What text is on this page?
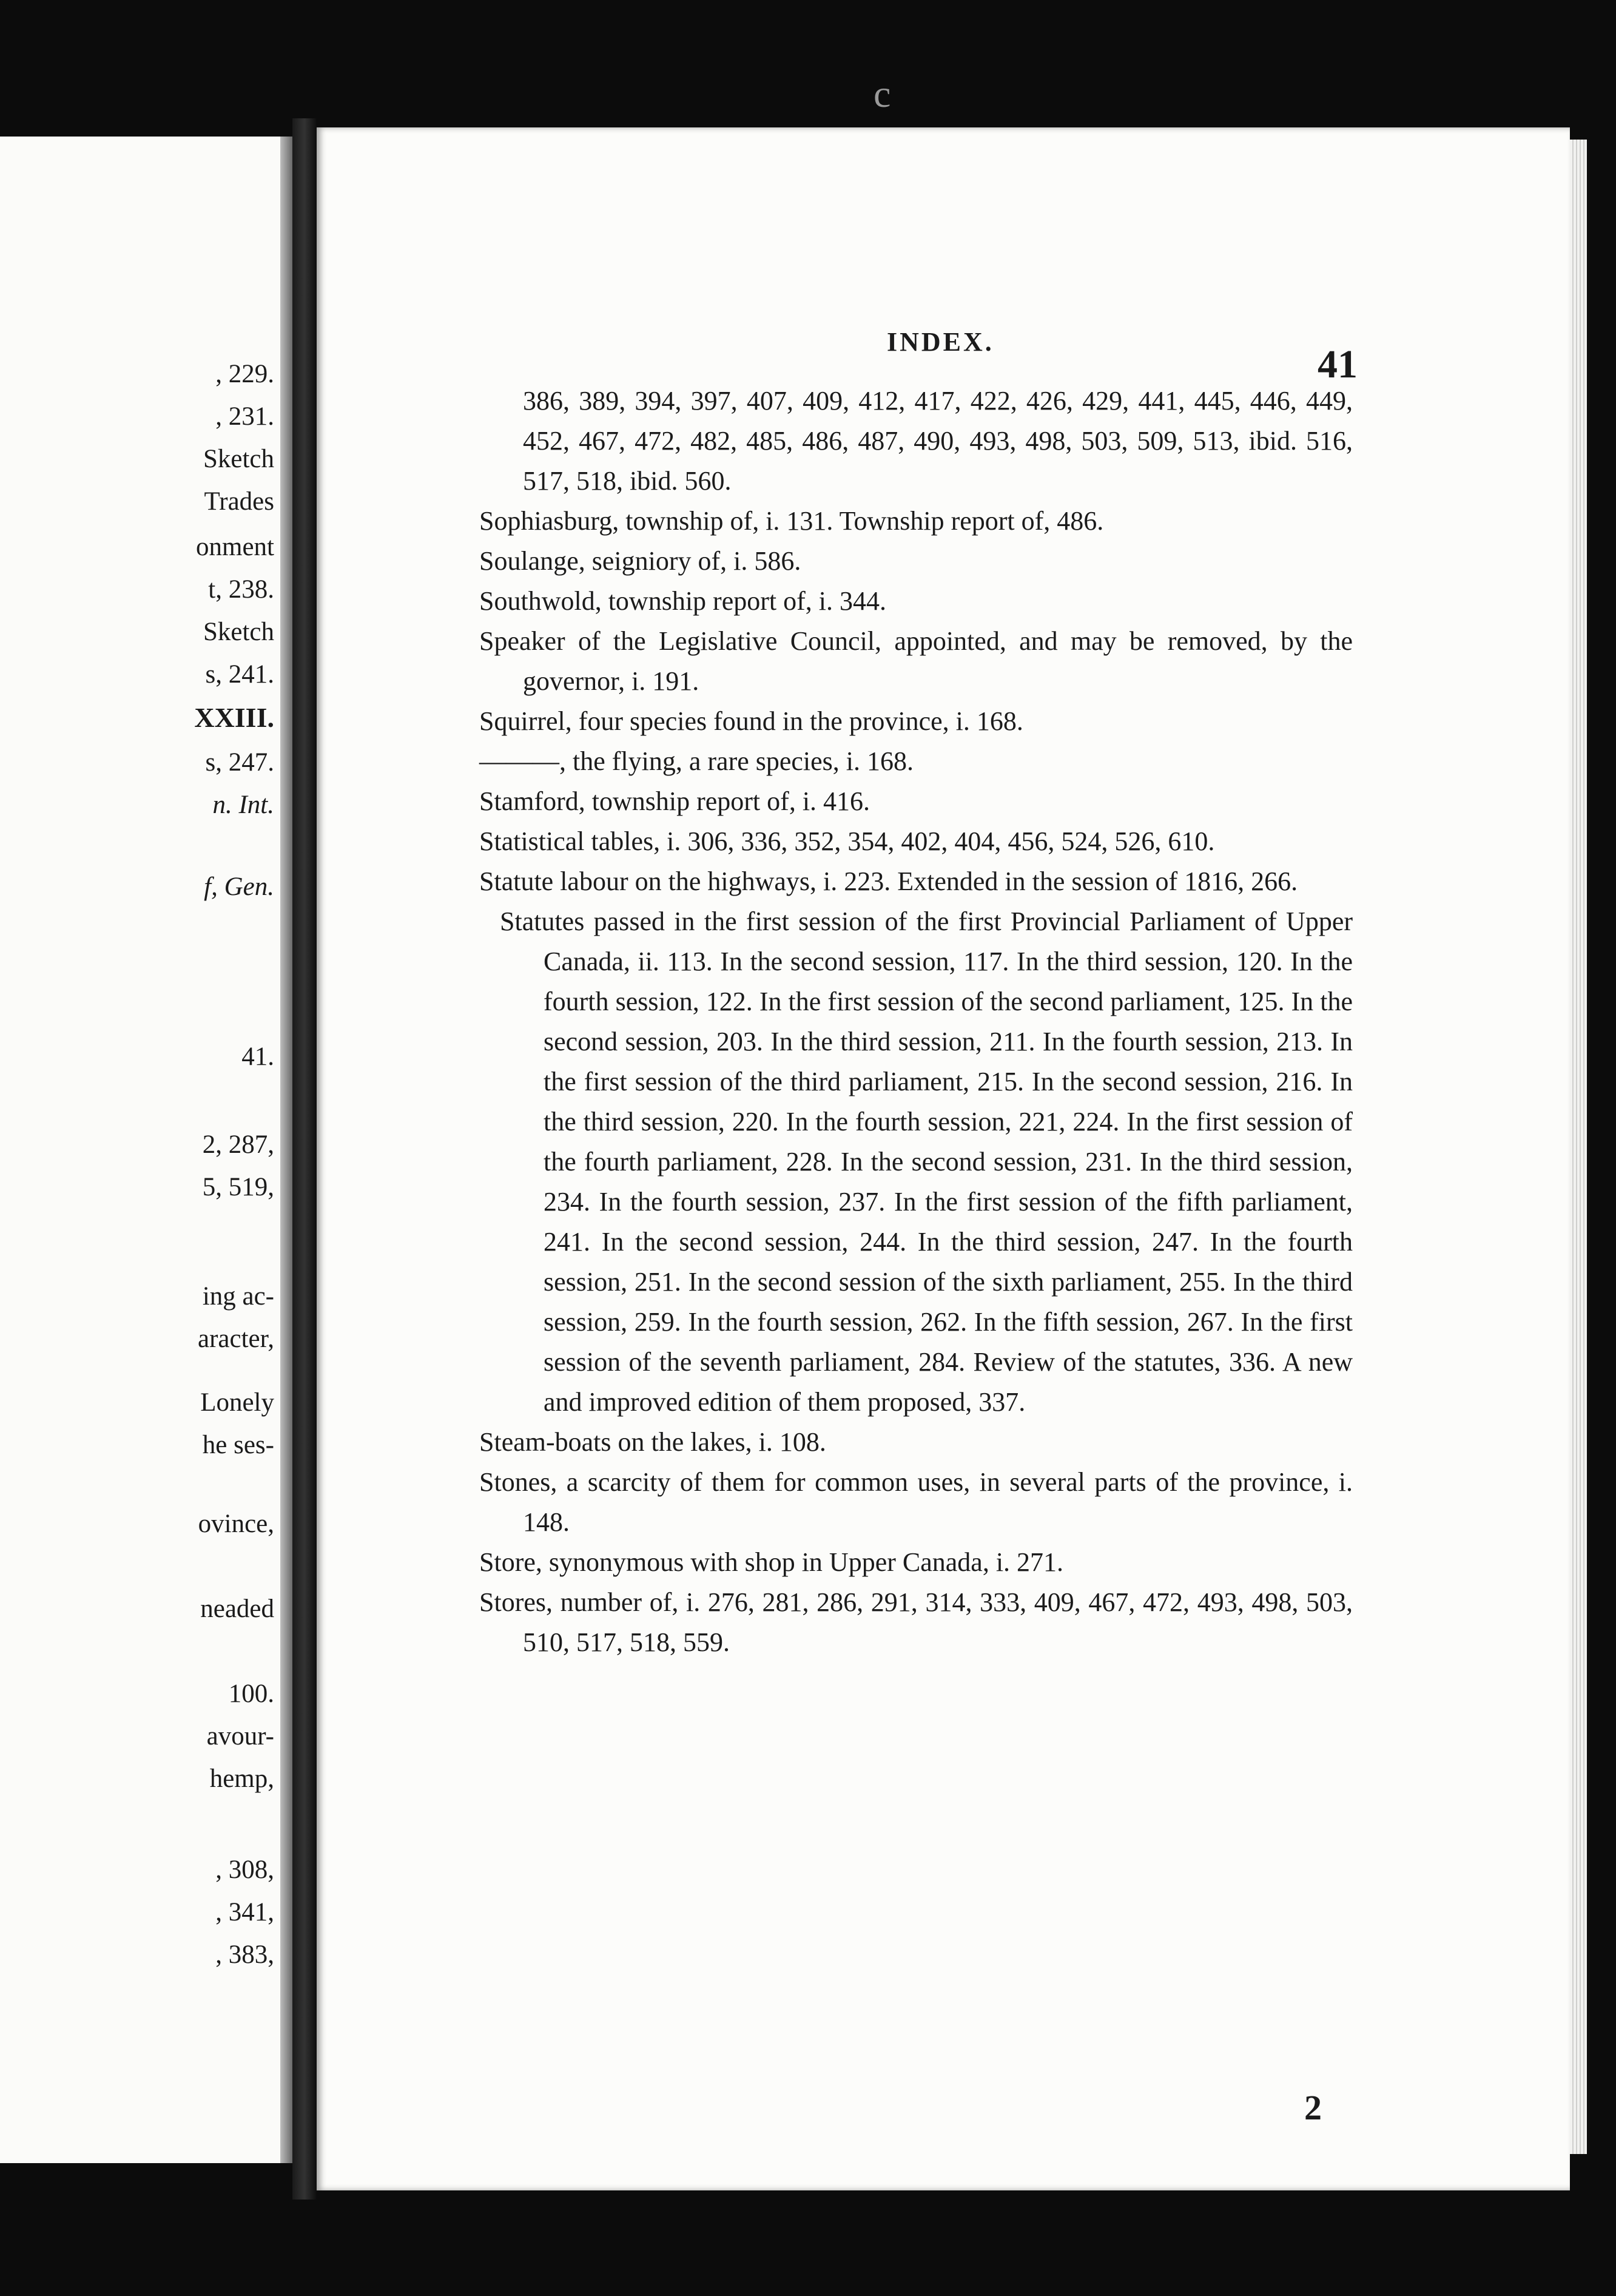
c
, 229.
, 231.
Sketch
Trades
onment
t, 238.
Sketch
s, 241.
XXIII.
s, 247.
n. Int.
f, Gen.
41.
2, 287,
5, 519,
ing ac-
aracter,
Lonely
he ses-
ovince,
neaded
100.
avour-
hemp,
, 308,
, 341,
, 383,
INDEX.
41

386, 389, 394, 397, 407, 409, 412, 417, 422, 426, 429, 441, 445, 446, 449, 452, 467, 472, 482, 485, 486, 487, 490, 493, 498, 503, 509, 513, ibid. 516, 517, 518, ibid. 560.

Sophiasburg, township of, i. 131. Township report of, 486.

Soulange, seigniory of, i. 586.

Southwold, township report of, i. 344.

Speaker of the Legislative Council, appointed, and may be removed, by the governor, i. 191.

Squirrel, four species found in the province, i. 168.

———, the flying, a rare species, i. 168.

Stamford, township report of, i. 416.

Statistical tables, i. 306, 336, 352, 354, 402, 404, 456, 524, 526, 610.

Statute labour on the highways, i. 223. Extended in the session of 1816, 266.

Statutes passed in the first session of the first Provincial Parliament of Upper Canada, ii. 113. In the second session, 117. In the third session, 120. In the fourth session, 122. In the first session of the second parliament, 125. In the second session, 203. In the third session, 211. In the fourth session, 213. In the first session of the third parliament, 215. In the second session, 216. In the third session, 220. In the fourth session, 221, 224. In the first session of the fourth parliament, 228. In the second session, 231. In the third session, 234. In the fourth session, 237. In the first session of the fifth parliament, 241. In the second session, 244. In the third session, 247. In the fourth session, 251. In the second session of the sixth parliament, 255. In the third session, 259. In the fourth session, 262. In the fifth session, 267. In the first session of the seventh parliament, 284. Review of the statutes, 336. A new and improved edition of them proposed, 337.

Steam-boats on the lakes, i. 108.

Stones, a scarcity of them for common uses, in several parts of the province, i. 148.

Store, synonymous with shop in Upper Canada, i. 271.

Stores, number of, i. 276, 281, 286, 291, 314, 333, 409, 467, 472, 493, 498, 503, 510, 517, 518, 559.

2
